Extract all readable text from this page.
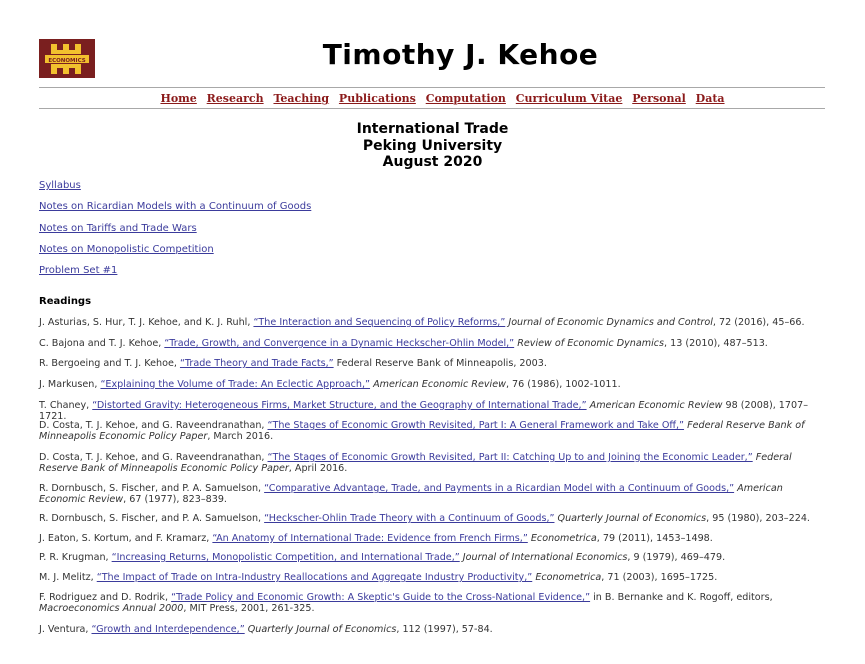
ECONOMICS	Timothy J. Kehoe
Home Research Teaching Publications Computation Curriculum Vitae Personal Data
International Trade
Peking University
August 2020
Syllabus
Notes on Ricardian Models with a Continuum of Goods
Notes on Tariffs and Trade Wars
Notes on Monopolistic Competition
Problem Set #1
Readings

J. Asturias, S. Hur, T. J. Kehoe, and K. J. Ruhl, “The Interaction and Sequencing of Policy Reforms,” Journal of Economic Dynamics and Control, 72 (2016), 45–66.

C. Bajona and T. J. Kehoe, “Trade, Growth, and Convergence in a Dynamic Heckscher-Ohlin Model,” Review of Economic Dynamics, 13 (2010), 487–513.

R. Bergoeing and T. J. Kehoe, “Trade Theory and Trade Facts,” Federal Reserve Bank of Minneapolis, 2003.

J. Markusen, “Explaining the Volume of Trade: An Eclectic Approach,” American Economic Review, 76 (1986), 1002-1011.

T. Chaney, “Distorted Gravity: Heterogeneous Firms, Market Structure, and the Geography of International Trade,” American Economic Review 98 (2008), 1707–1721.

D. Costa, T. J. Kehoe, and G. Raveendranathan, “The Stages of Economic Growth Revisited, Part I: A General Framework and Take Off,” Federal Reserve Bank of Minneapolis Economic Policy Paper, March 2016.

D. Costa, T. J. Kehoe, and G. Raveendranathan, “The Stages of Economic Growth Revisited, Part II: Catching Up to and Joining the Economic Leader,” Federal Reserve Bank of Minneapolis Economic Policy Paper, April 2016.

R. Dornbusch, S. Fischer, and P. A. Samuelson, “Comparative Advantage, Trade, and Payments in a Ricardian Model with a Continuum of Goods,” American Economic Review, 67 (1977), 823–839.

R. Dornbusch, S. Fischer, and P. A. Samuelson, “Heckscher-Ohlin Trade Theory with a Continuum of Goods,” Quarterly Journal of Economics, 95 (1980), 203–224.

J. Eaton, S. Kortum, and F. Kramarz, “An Anatomy of International Trade: Evidence from French Firms,” Econometrica, 79 (2011), 1453–1498.

P. R. Krugman, “Increasing Returns, Monopolistic Competition, and International Trade,” Journal of International Economics, 9 (1979), 469–479.

M. J. Melitz, “The Impact of Trade on Intra-Industry Reallocations and Aggregate Industry Productivity,” Econometrica, 71 (2003), 1695–1725.

F. Rodriguez and D. Rodrik, “Trade Policy and Economic Growth: A Skeptic's Guide to the Cross-National Evidence,” in B. Bernanke and K. Rogoff, editors, Macroeconomics Annual 2000, MIT Press, 2001, 261-325.

J. Ventura, “Growth and Interdependence,” Quarterly Journal of Economics, 112 (1997), 57-84.
